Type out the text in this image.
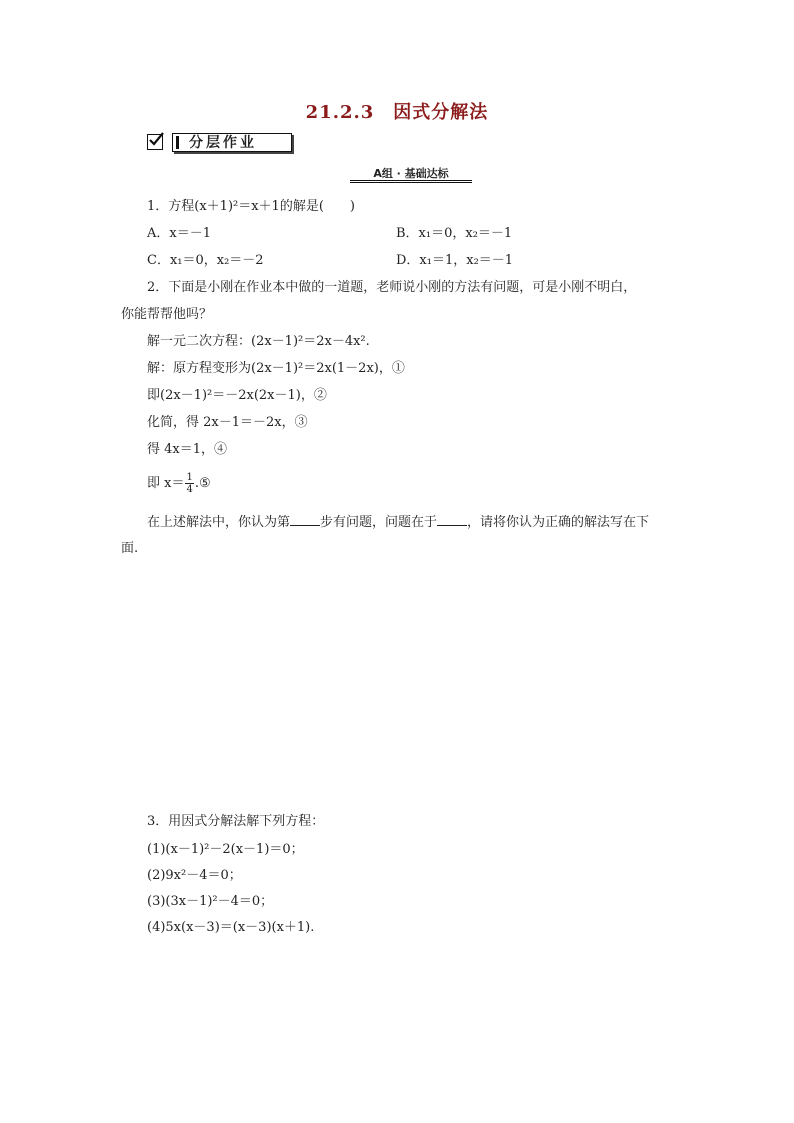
21.2.3　因式分解法
分层作业
A组 · 基础达标
1．方程(x＋1)²＝x＋1的解是(　　)
A．x＝－1	B．x₁＝0，x₂＝－1
C．x₁＝0，x₂＝－2	D．x₁＝1，x₂＝－1
2．下面是小刚在作业本中做的一道题，老师说小刚的方法有问题，可是小刚不明白，
你能帮帮他吗？
解一元二次方程：(2x－1)²＝2x－4x².
解：原方程变形为(2x－1)²＝2x(1－2x)，①
即(2x－1)²＝－2x(2x－1)，②
化简，得 2x－1＝－2x，③
得 4x＝1，④
即 $x= \frac{1}{4}$ .⑤
在上述解法中，你认为第 步有问题，问题在于 ，请将你认为正确的解法写在下
面.
3．用因式分解法解下列方程：
(1)(x－1)²－2(x－1)＝0；
(2)9x²－4＝0；
(3)(3x－1)²－4＝0；
(4)5x(x－3)＝(x－3)(x＋1).
